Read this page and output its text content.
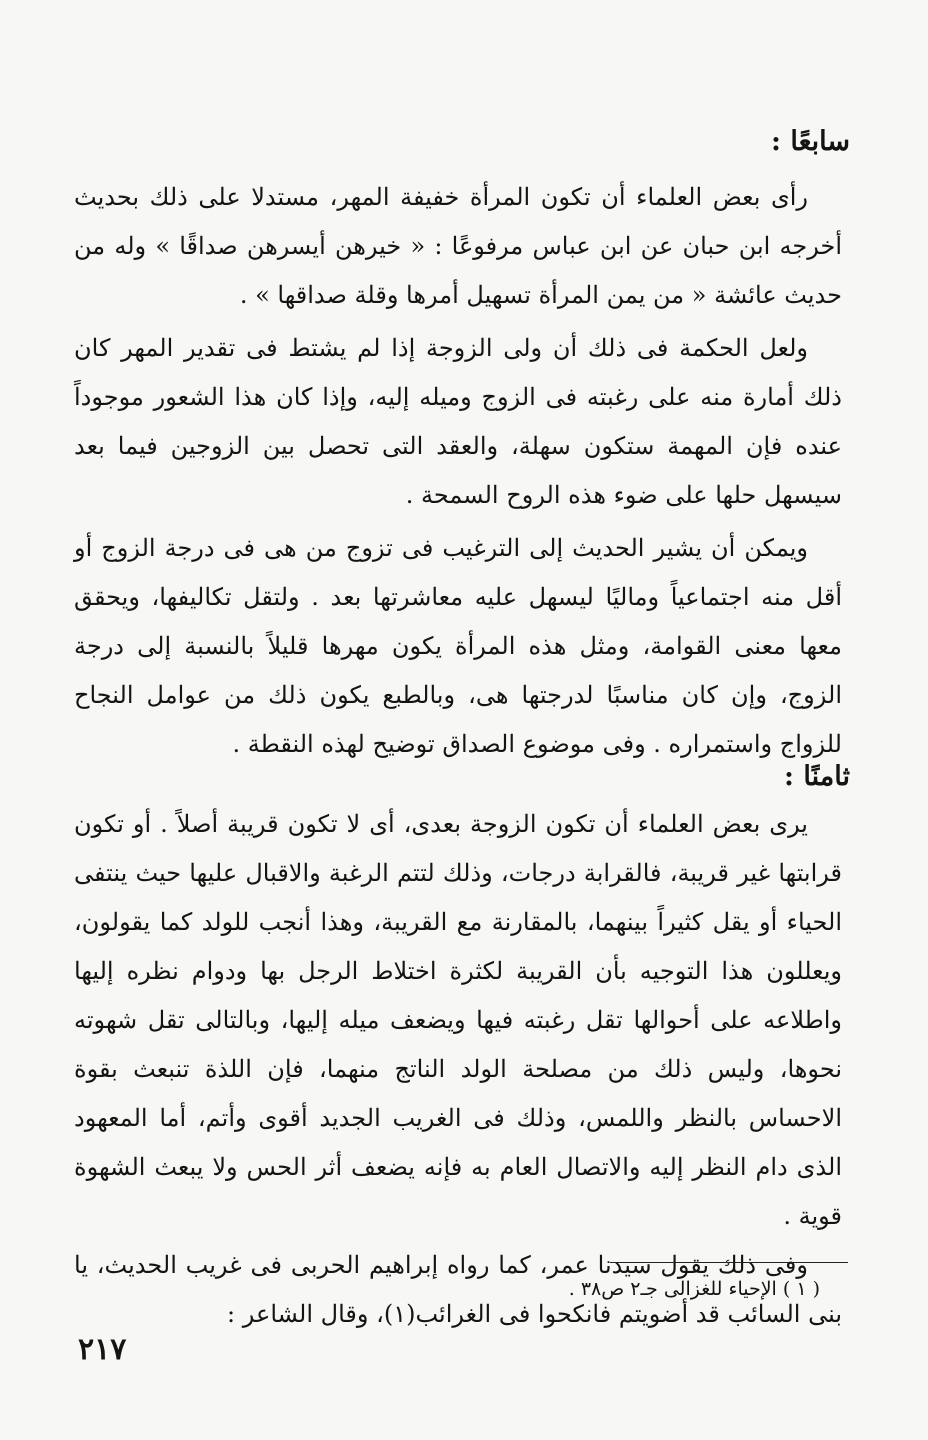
سابعًا :

رأى بعض العلماء أن تكون المرأة خفيفة المهر، مستدلا على ذلك بحديث أخرجه ابن حبان عن ابن عباس مرفوعًا : « خيرهن أيسرهن صداقًا » وله من حديث عائشة « من يمن المرأة تسهيل أمرها وقلة صداقها » .

ولعل الحكمة فى ذلك أن ولى الزوجة إذا لم يشتط فى تقدير المهر كان ذلك أمارة منه على رغبته فى الزوج وميله إليه، وإذا كان هذا الشعور موجوداً عنده فإن المهمة ستكون سهلة، والعقد التى تحصل بين الزوجين فيما بعد سيسهل حلها على ضوء هذه الروح السمحة .

ويمكن أن يشير الحديث إلى الترغيب فى تزوج من هى فى درجة الزوج أو أقل منه اجتماعياً وماليًا ليسهل عليه معاشرتها بعد . ولتقل تكاليفها، ويحقق معها معنى القوامة، ومثل هذه المرأة يكون مهرها قليلاً بالنسبة إلى درجة الزوج، وإن كان مناسبًا لدرجتها هى، وبالطبع يكون ذلك من عوامل النجاح للزواج واستمراره . وفى موضوع الصداق توضيح لهذه النقطة .

ثامنًا :

يرى بعض العلماء أن تكون الزوجة بعدى، أى لا تكون قريبة أصلاً . أو تكون قرابتها غير قريبة، فالقرابة درجات، وذلك لتتم الرغبة والاقبال عليها حيث ينتفى الحياء أو يقل كثيراً بينهما، بالمقارنة مع القريبة، وهذا أنجب للولد كما يقولون، ويعللون هذا التوجيه بأن القريبة لكثرة اختلاط الرجل بها ودوام نظره إليها واطلاعه على أحوالها تقل رغبته فيها ويضعف ميله إليها، وبالتالى تقل شهوته نحوها، وليس ذلك من مصلحة الولد الناتج منهما، فإن اللذة تنبعث بقوة الاحساس بالنظر واللمس، وذلك فى الغريب الجديد أقوى وأتم، أما المعهود الذى دام النظر إليه والاتصال العام به فإنه يضعف أثر الحس ولا يبعث الشهوة قوية .

وفى ذلك يقول سيدنا عمر، كما رواه إبراهيم الحربى فى غريب الحديث، يا بنى السائب قد أضويتم فانكحوا فى الغرائب(١)، وقال الشاعر :

( ١ ) الإحياء للغزالى جـ٢ ص٣٨ .
٢١٧
